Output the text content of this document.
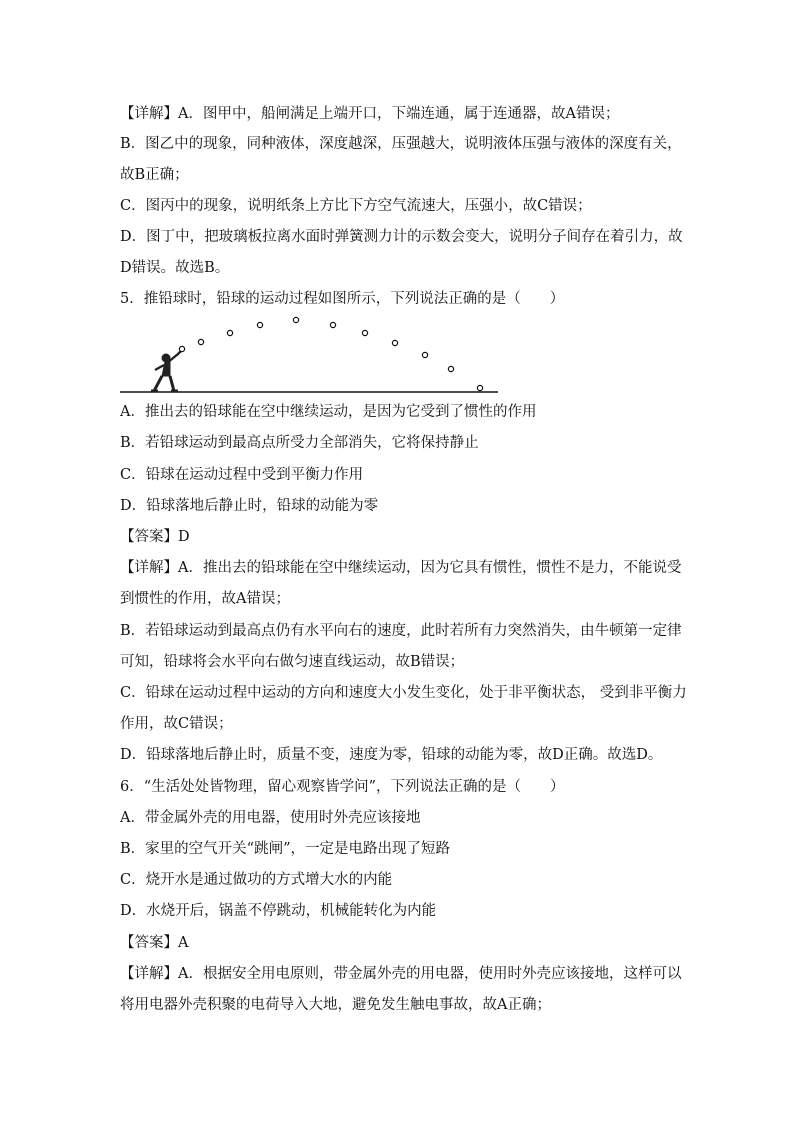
【详解】A．图甲中，船闸满足上端开口，下端连通，属于连通器，故A错误；
B．图乙中的现象，同种液体，深度越深，压强越大，说明液体压强与液体的深度有关，
故B正确；
C．图丙中的现象，说明纸条上方比下方空气流速大，压强小，故C错误；
D．图丁中，把玻璃板拉离水面时弹簧测力计的示数会变大，说明分子间存在着引力，故
D错误。故选B。
5．推铅球时，铅球的运动过程如图所示，下列说法正确的是（　　）
A．推出去的铅球能在空中继续运动，是因为它受到了惯性的作用
B．若铅球运动到最高点所受力全部消失，它将保持静止
C．铅球在运动过程中受到平衡力作用
D．铅球落地后静止时，铅球的动能为零
【答案】D
【详解】A．推出去的铅球能在空中继续运动，因为它具有惯性，惯性不是力，不能说受
到惯性的作用，故A错误；
B．若铅球运动到最高点仍有水平向右的速度，此时若所有力突然消失，由牛顿第一定律
可知，铅球将会水平向右做匀速直线运动，故B错误；
C．铅球在运动过程中运动的方向和速度大小发生变化，处于非平衡状态， 受到非平衡力
作用，故C错误；
D．铅球落地后静止时，质量不变，速度为零，铅球的动能为零，故D正确。故选D。
6．“生活处处皆物理，留心观察皆学问”，下列说法正确的是（　　）
A．带金属外壳的用电器，使用时外壳应该接地
B．家里的空气开关“跳闸”，一定是电路出现了短路
C．烧开水是通过做功的方式增大水的内能
D．水烧开后，锅盖不停跳动，机械能转化为内能
【答案】A
【详解】A．根据安全用电原则，带金属外壳的用电器，使用时外壳应该接地，这样可以
将用电器外壳积聚的电荷导入大地，避免发生触电事故，故A正确；
